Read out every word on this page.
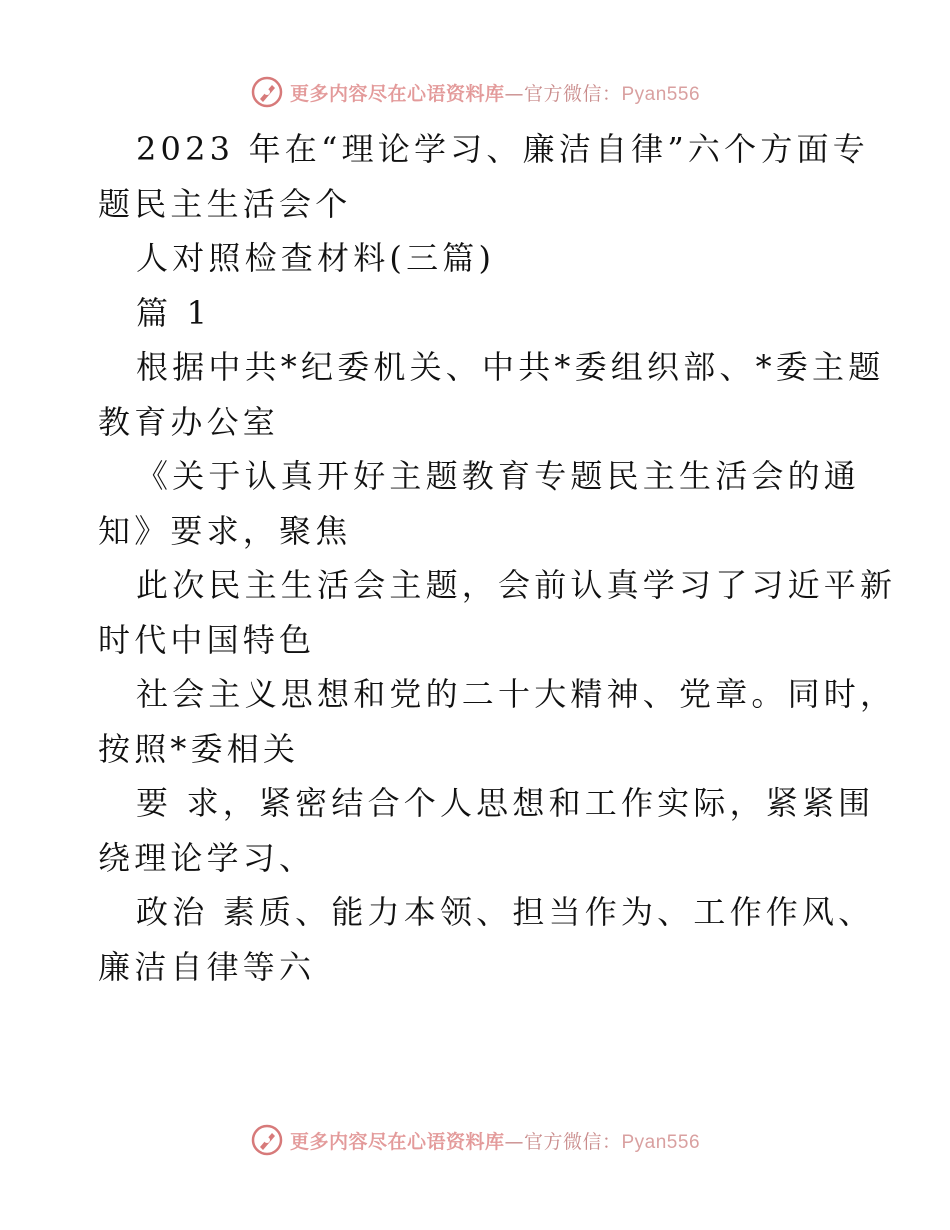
更多内容尽在心语资料库—官方微信：Pyan556
2023 年在“理论学习、廉洁自律”六个方面专
题民主生活会个
人对照检查材料(三篇)
篇 1
根据中共*纪委机关、中共*委组织部、*委主题
教育办公室
《关于认真开好主题教育专题民主生活会的通
知》要求，聚焦
此次民主生活会主题，会前认真学习了习近平新
时代中国特色
社会主义思想和党的二十大精神、党章。同时，
按照*委相关
要 求，紧密结合个人思想和工作实际，紧紧围
绕理论学习、
政治 素质、能力本领、担当作为、工作作风、
廉洁自律等六
更多内容尽在心语资料库—官方微信：Pyan556
